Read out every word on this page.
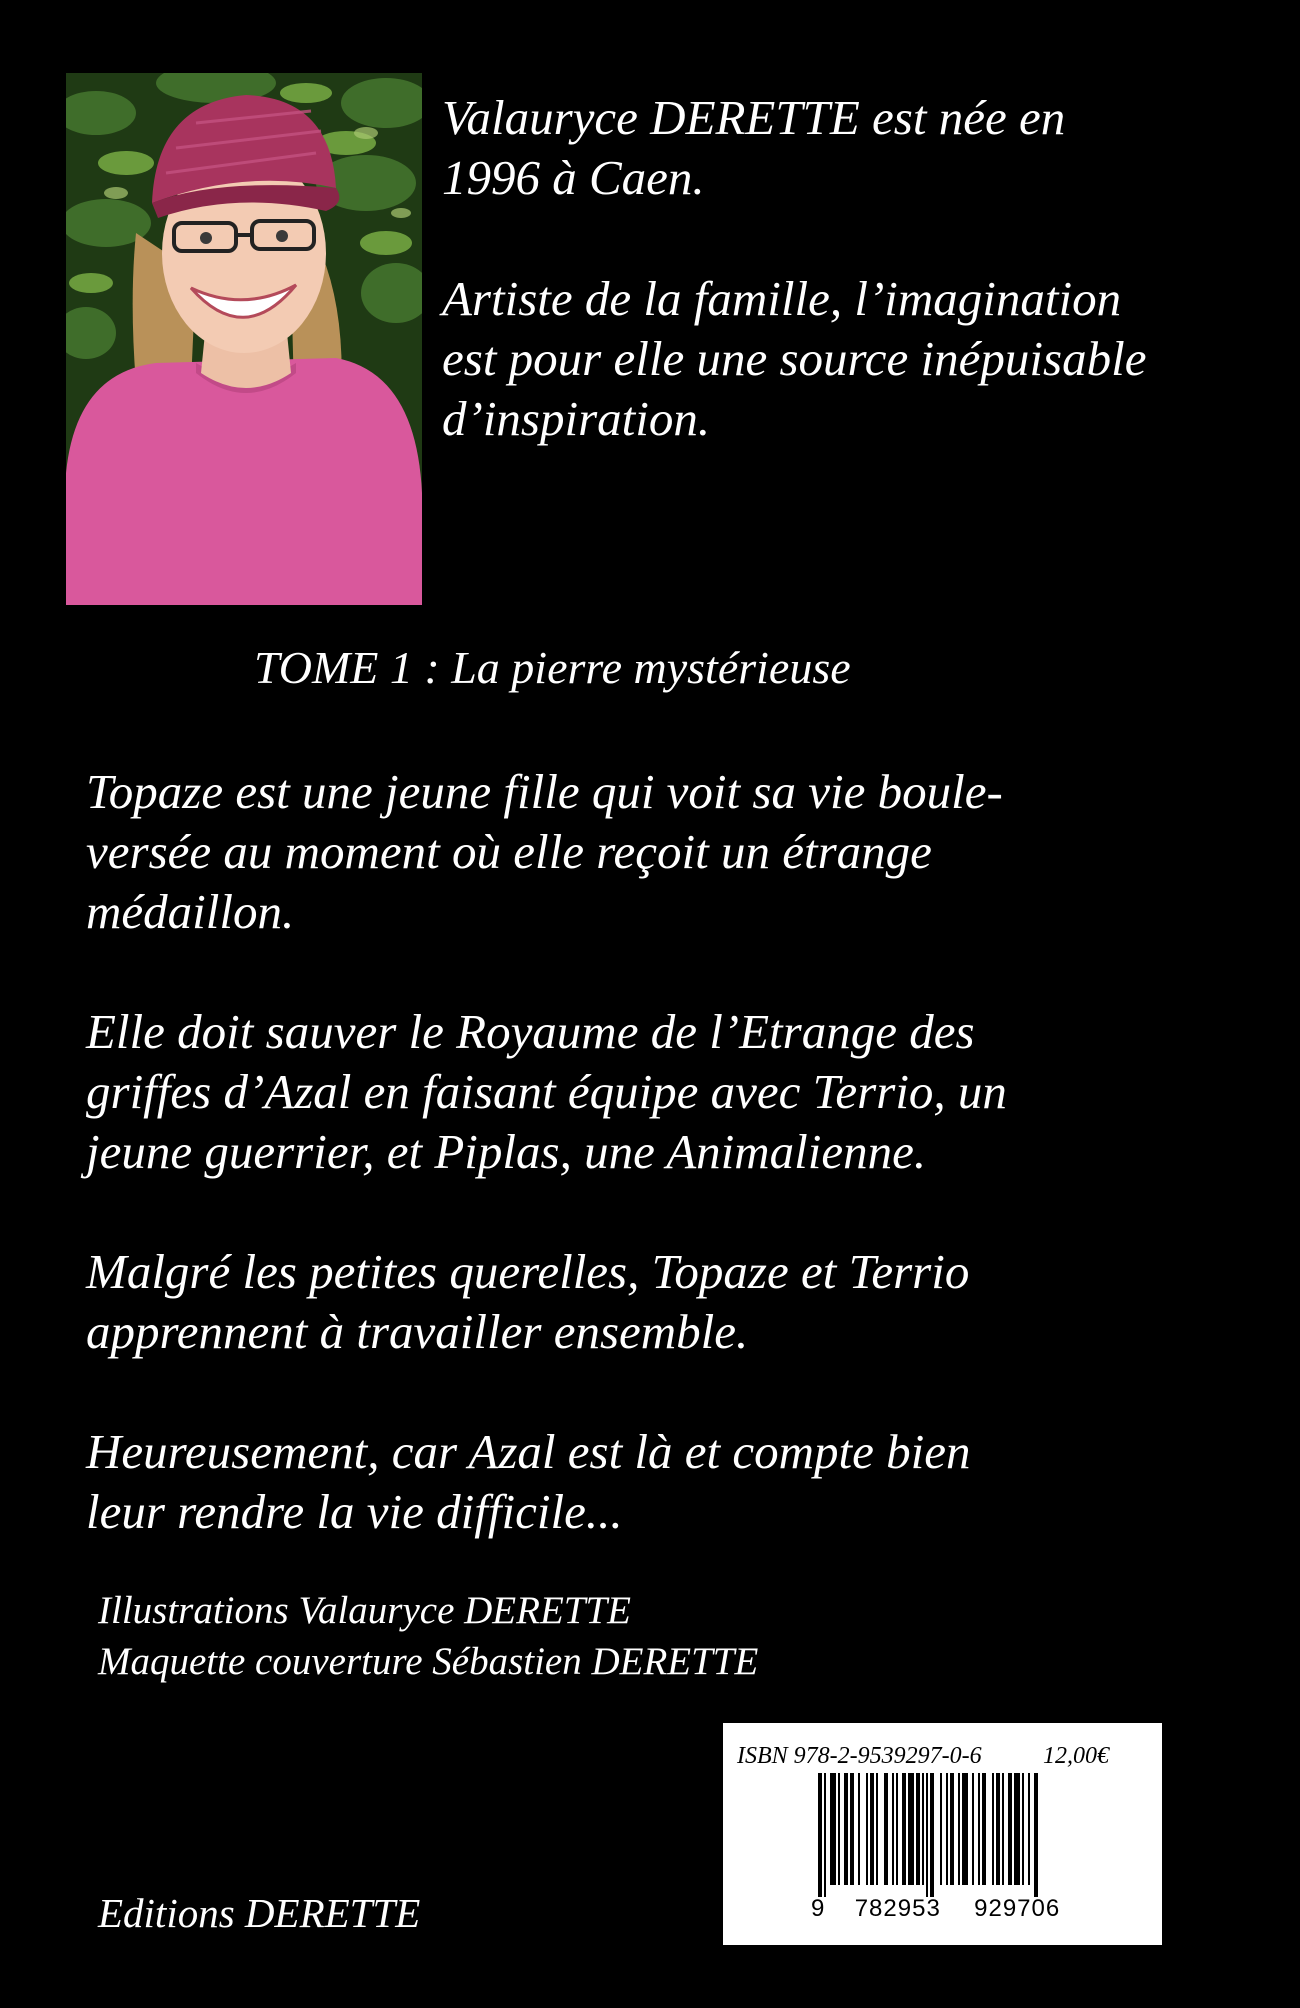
Valauryce DERETTE est née en
1996 à Caen.

Artiste de la famille, l’imagination
est pour elle une source inépuisable
d’inspiration.

TOME 1 : La pierre mystérieuse
Topaze est une jeune fille qui voit sa vie boule-
versée au moment où elle reçoit un étrange
médaillon.
Elle doit sauver le Royaume de l’Etrange des
griffes d’Azal en faisant équipe avec Terrio, un
jeune guerrier, et Piplas, une Animalienne.
Malgré les petites querelles, Topaze et Terrio
apprennent à travailler ensemble.
Heureusement, car Azal est là et compte bien
leur rendre la vie difficile...
Illustrations Valauryce DERETTE
Maquette couverture Sébastien DERETTE
Editions DERETTE
ISBN 978-2-9539297-0-6	12,00€
9 782953 929706
